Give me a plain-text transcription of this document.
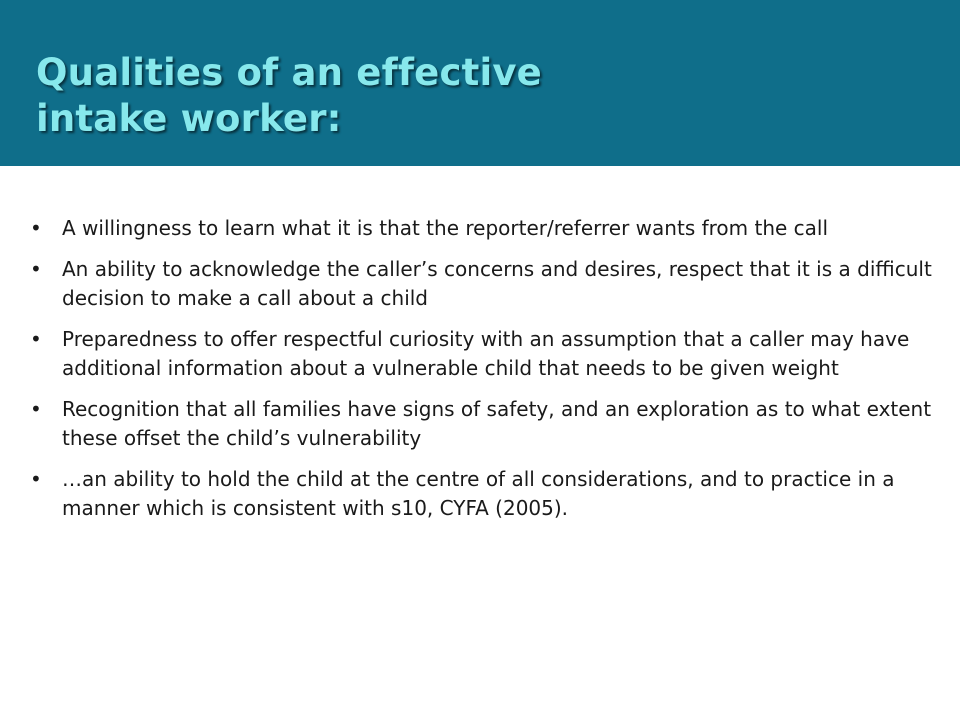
Qualities of an effective
intake worker:
• A willingness to learn what it is that the reporter/referrer wants from the call
• An ability to acknowledge the caller’s concerns and desires, respect that it is a difficult decision to make a call about a child
• Preparedness to offer respectful curiosity with an assumption that a caller may have additional information about a vulnerable child that needs to be given weight
• Recognition that all families have signs of safety, and an exploration as to what extent these offset the child’s vulnerability
• …an ability to hold the child at the centre of all considerations, and to practice in a manner which is consistent with s10, CYFA (2005).
